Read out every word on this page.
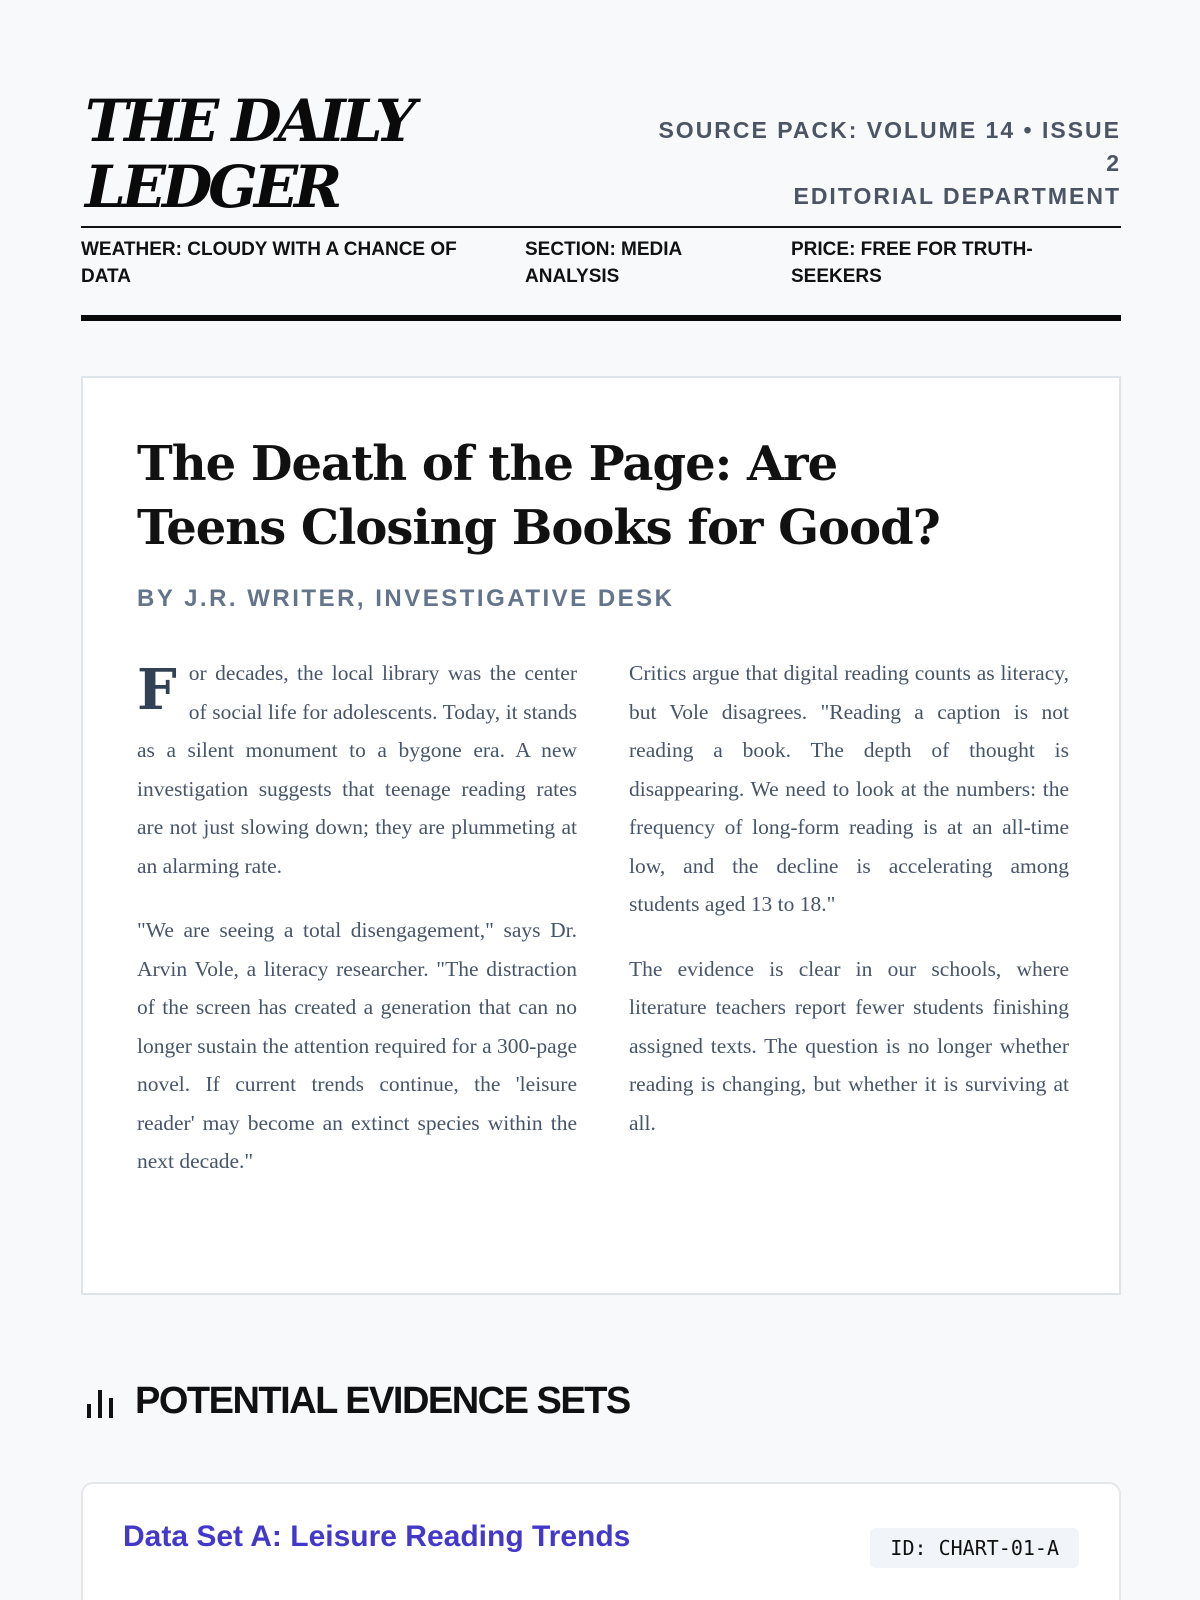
THE DAILY LEDGER
SOURCE PACK: VOLUME 14 • ISSUE 2
EDITORIAL DEPARTMENT
WEATHER: CLOUDY WITH A CHANCE OF DATA
SECTION: MEDIA ANALYSIS
PRICE: FREE FOR TRUTH-SEEKERS
The Death of the Page: Are Teens Closing Books for Good?
BY J.R. WRITER, INVESTIGATIVE DESK

For decades, the local library was the center of social life for adolescents. Today, it stands as a silent monument to a bygone era. A new investigation suggests that teenage reading rates are not just slowing down; they are plummeting at an alarming rate.

"We are seeing a total disengagement," says Dr. Arvin Vole, a literacy researcher. "The distraction of the screen has created a generation that can no longer sustain the attention required for a 300-page novel. If current trends continue, the 'leisure reader' may become an extinct species within the next decade."

Critics argue that digital reading counts as literacy, but Vole disagrees. "Reading a caption is not reading a book. The depth of thought is disappearing. We need to look at the numbers: the frequency of long-form reading is at an all-time low, and the decline is accelerating among students aged 13 to 18."

The evidence is clear in our schools, where literature teachers report fewer students finishing assigned texts. The question is no longer whether reading is changing, but whether it is surviving at all.

POTENTIAL EVIDENCE SETS
Data Set A: Leisure Reading Trends	ID: CHART-01-A
